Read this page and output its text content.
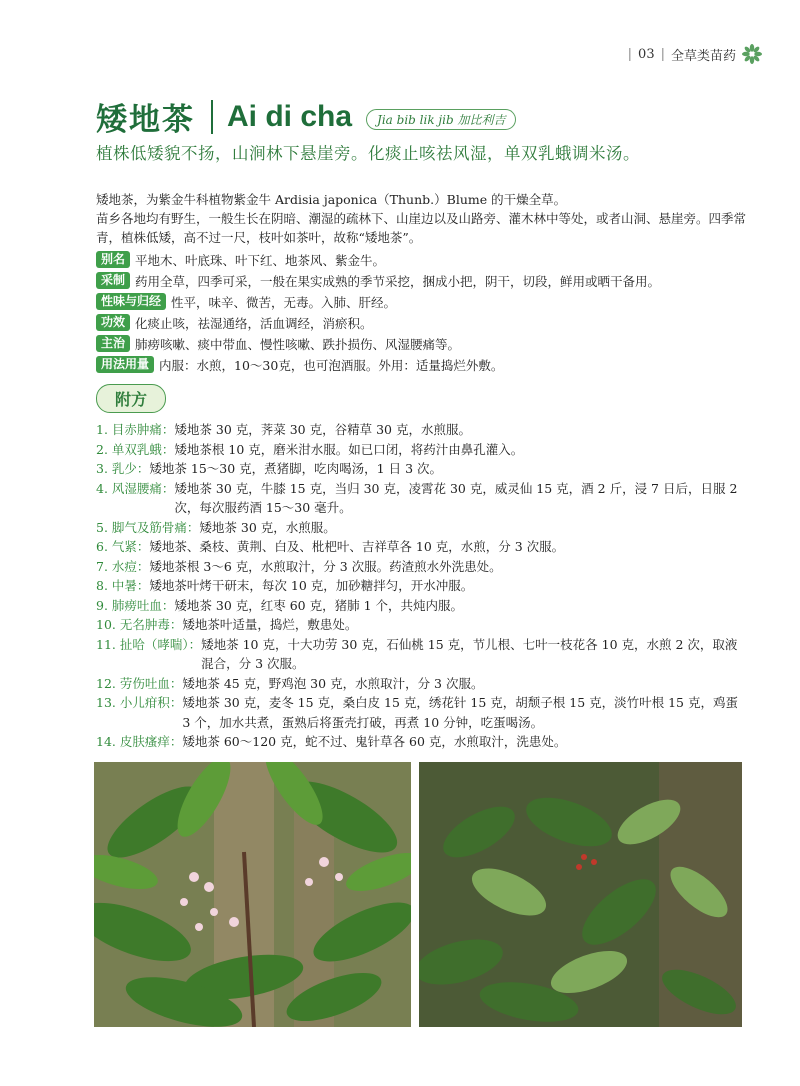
| 03 | 全草类苗药
矮地茶 Ai di cha	Jia bib lik jib 加比利吉
植株低矮貌不扬，山涧林下悬崖旁。化痰止咳祛风湿，单双乳蛾调米汤。

矮地茶，为紫金牛科植物紫金牛 Ardisia japonica（Thunb.）Blume 的干燥全草。

苗乡各地均有野生，一般生长在阴暗、潮湿的疏林下、山崖边以及山路旁、灌木林中等处，或者山洞、悬崖旁。四季常青，植株低矮，高不过一尺，枝叶如茶叶，故称“矮地茶”。

别名 平地木、叶底珠、叶下红、地茶风、紫金牛。
采制 药用全草，四季可采，一般在果实成熟的季节采挖，捆成小把，阴干，切段，鲜用或晒干备用。
性味与归经 性平，味辛、微苦，无毒。入肺、肝经。
功效 化痰止咳，祛湿通络，活血调经，消瘀积。
主治 肺痨咳嗽、痰中带血、慢性咳嗽、跌扑损伤、风湿腰痛等。
用法用量 内服：水煎，10～30克，也可泡酒服。外用：适量捣烂外敷。
附方
1. 目赤肿痛： 矮地茶 30 克，荠菜 30 克，谷精草 30 克，水煎服。
2. 单双乳蛾： 矮地茶根 10 克，磨米泔水服。如已口闭，将药汁由鼻孔灌入。
3. 乳少： 矮地茶 15～30 克，煮猪脚，吃肉喝汤，1 日 3 次。
4. 风湿腰痛： 矮地茶 30 克，牛膝 15 克，当归 30 克，凌霄花 30 克，威灵仙 15 克，酒 2 斤，浸 7 日后，日服 2 次，每次服药酒 15～30 毫升。
5. 脚气及筋骨痛： 矮地茶 30 克，水煎服。
6. 气紧： 矮地茶、桑枝、黄荆、白及、枇杷叶、吉祥草各 10 克，水煎，分 3 次服。
7. 水痘： 矮地茶根 3～6 克，水煎取汁，分 3 次服。药渣煎水外洗患处。
8. 中暑： 矮地茶叶烤干研末，每次 10 克，加砂糖拌匀，开水冲服。
9. 肺痨吐血： 矮地茶 30 克，红枣 60 克，猪肺 1 个，共炖内服。
10. 无名肿毒： 矮地茶叶适量，捣烂，敷患处。
11. 扯哈（哮喘）： 矮地茶 10 克，十大功劳 30 克，石仙桃 15 克，节儿根、七叶一枝花各 10 克，水煎 2 次，取液混合，分 3 次服。
12. 劳伤吐血： 矮地茶 45 克，野鸡泡 30 克，水煎取汁，分 3 次服。
13. 小儿疳积： 矮地茶 30 克，麦冬 15 克，桑白皮 15 克，绣花针 15 克，胡颓子根 15 克，淡竹叶根 15 克，鸡蛋 3 个，加水共煮，蛋熟后将蛋壳打破，再煮 10 分钟，吃蛋喝汤。
14. 皮肤瘙痒： 矮地茶 60～120 克，蛇不过、鬼针草各 60 克，水煎取汁，洗患处。
